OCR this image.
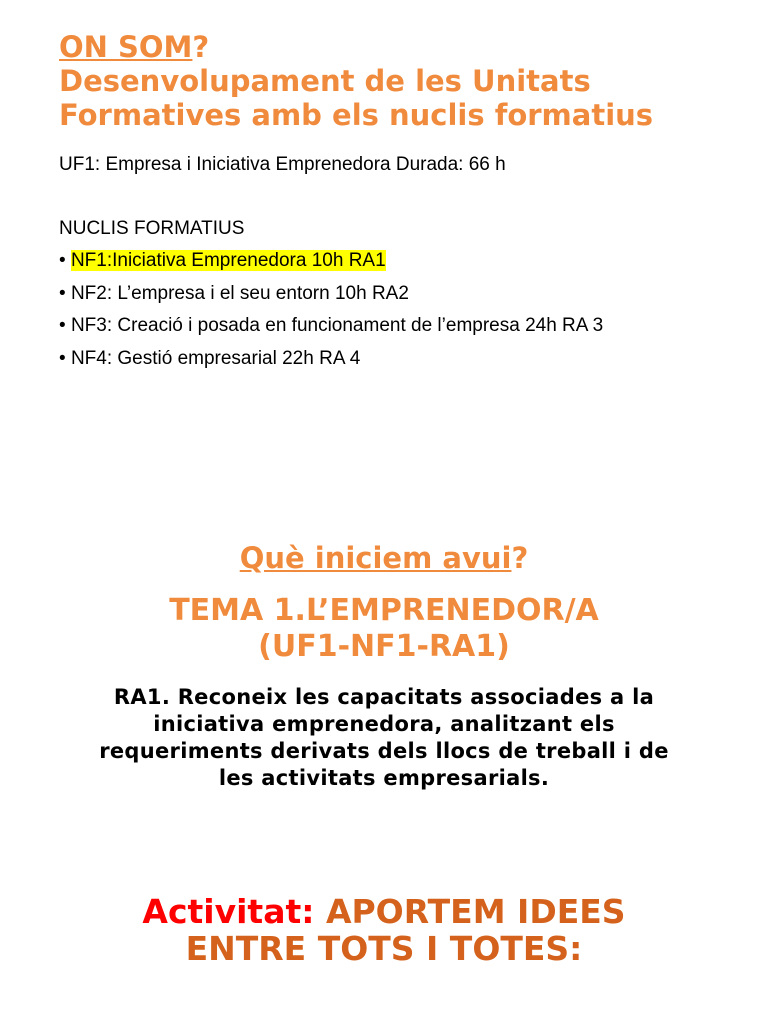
ON SOM?
Desenvolupament de les Unitats
Formatives amb els nuclis formatius
UF1: Empresa i Iniciativa Emprenedora Durada: 66 h
NUCLIS FORMATIUS
• NF1:Iniciativa Emprenedora 10h RA1
• NF2: L’empresa i el seu entorn 10h RA2
• NF3: Creació i posada en funcionament de l’empresa 24h RA 3
• NF4: Gestió empresarial 22h RA 4
Què iniciem avui?
TEMA 1.L’EMPRENEDOR/A
(UF1-NF1-RA1)
RA1. Reconeix les capacitats associades a la iniciativa emprenedora, analitzant els requeriments derivats dels llocs de treball i de les activitats empresarials.
Activitat: APORTEM IDEES
ENTRE TOTS I TOTES:
